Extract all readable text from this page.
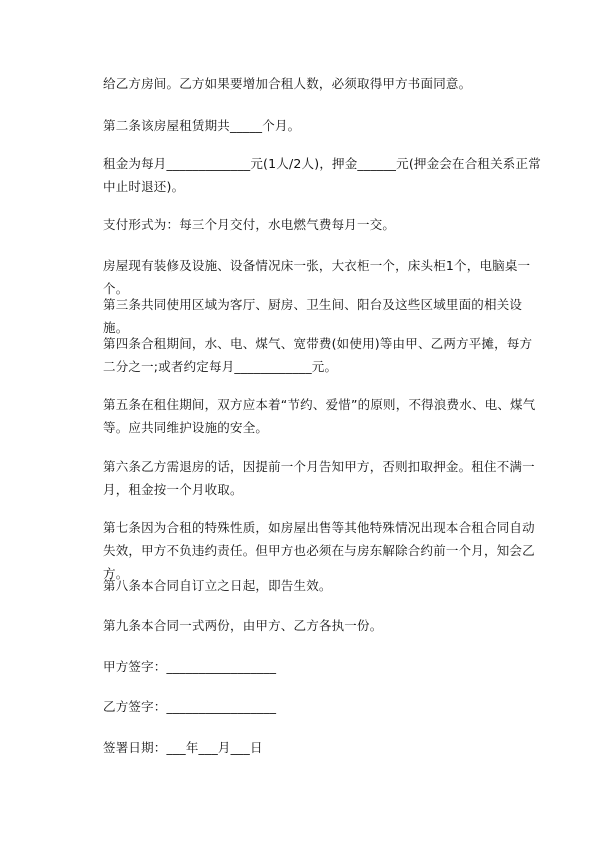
给乙方房间。乙方如果要增加合租人数，必须取得甲方书面同意。

第二条该房屋租赁期共_____个月。

租金为每月_____________元(1人/2人)，押金______元(押金会在合租关系正常中止时退还)。

支付形式为：每三个月交付，水电燃气费每月一交。

房屋现有装修及设施、设备情况床一张，大衣柜一个，床头柜1个，电脑桌一个。

第三条共同使用区域为客厅、厨房、卫生间、阳台及这些区域里面的相关设施。

第四条合租期间，水、电、煤气、宽带费(如使用)等由甲、乙两方平摊，每方二分之一;或者约定每月____________元。

第五条在租住期间，双方应本着“节约、爱惜”的原则，不得浪费水、电、煤气等。应共同维护设施的安全。

第六条乙方需退房的话，因提前一个月告知甲方，否则扣取押金。租住不满一月，租金按一个月收取。

第七条因为合租的特殊性质，如房屋出售等其他特殊情况出现本合租合同自动失效，甲方不负违约责任。但甲方也必须在与房东解除合约前一个月，知会乙方。

第八条本合同自订立之日起，即告生效。

第九条本合同一式两份，由甲方、乙方各执一份。

甲方签字：_________________

乙方签字：_________________

签署日期：___年___月___日
